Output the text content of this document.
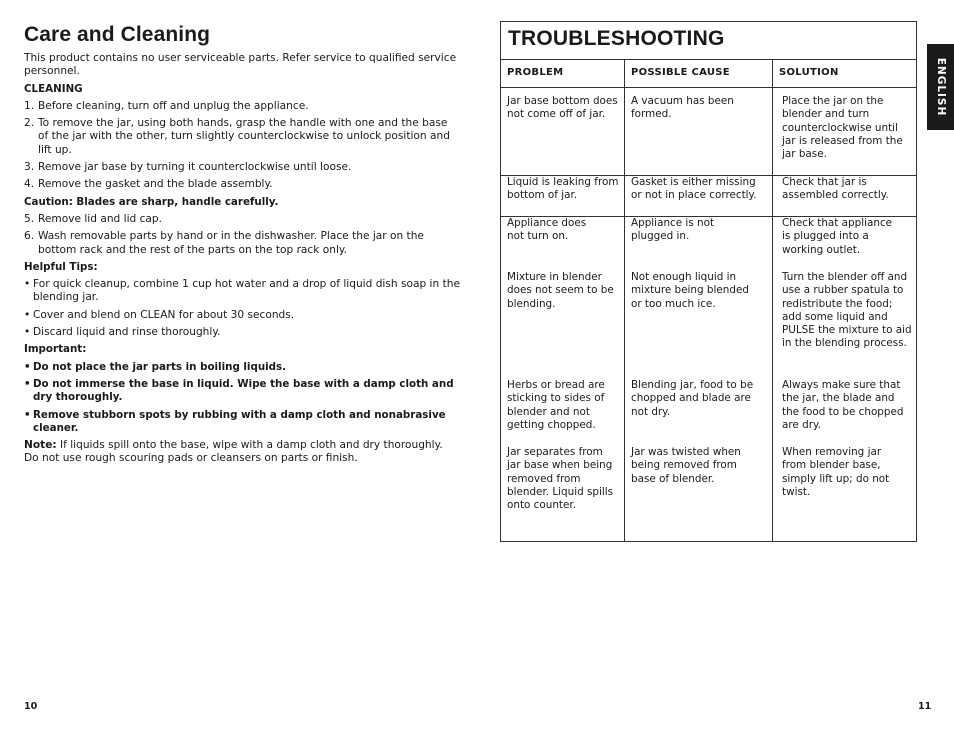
Care and Cleaning
This product contains no user serviceable parts. Refer service to qualified service personnel.
CLEANING
1. Before cleaning, turn off and unplug the appliance.
2. To remove the jar, using both hands, grasp the handle with one and the base of the jar with the other, turn slightly counterclockwise to unlock position and lift up.
3. Remove jar base by turning it counterclockwise until loose.
4. Remove the gasket and the blade assembly.
Caution: Blades are sharp, handle carefully.
5. Remove lid and lid cap.
6. Wash removable parts by hand or in the dishwasher. Place the jar on the bottom rack and the rest of the parts on the top rack only.
Helpful Tips:
• For quick cleanup, combine 1 cup hot water and a drop of liquid dish soap in the blending jar.
• Cover and blend on CLEAN for about 30 seconds.
• Discard liquid and rinse thoroughly.
Important:
• Do not place the jar parts in boiling liquids.
• Do not immerse the base in liquid. Wipe the base with a damp cloth and dry thoroughly.
• Remove stubborn spots by rubbing with a damp cloth and nonabrasive cleaner.
Note: If liquids spill onto the base, wipe with a damp cloth and dry thoroughly. Do not use rough scouring pads or cleansers on parts or finish.
10
TROUBLESHOOTING
PROBLEM	POSSIBLE CAUSE	SOLUTION
Jar base bottom does not come off of jar.
A vacuum has been formed.
Place the jar on the blender and turn counterclockwise until jar is released from the jar base.
Liquid is leaking from bottom of jar.
Gasket is either missing or not in place correctly.
Check that jar is assembled correctly.
Appliance does not turn on.
Appliance is not plugged in.
Check that appliance is plugged into a working outlet.
Mixture in blender does not seem to be blending.
Not enough liquid in mixture being blended or too much ice.
Turn the blender off and use a rubber spatula to redistribute the food; add some liquid and PULSE the mixture to aid in the blending process.
Herbs or bread are sticking to sides of blender and not getting chopped.
Blending jar, food to be chopped and blade are not dry.
Always make sure that the jar, the blade and the food to be chopped are dry.
Jar separates from jar base when being removed from blender. Liquid spills onto counter.
Jar was twisted when being removed from base of blender.
When removing jar from blender base, simply lift up; do not twist.
ENGLISH
11
